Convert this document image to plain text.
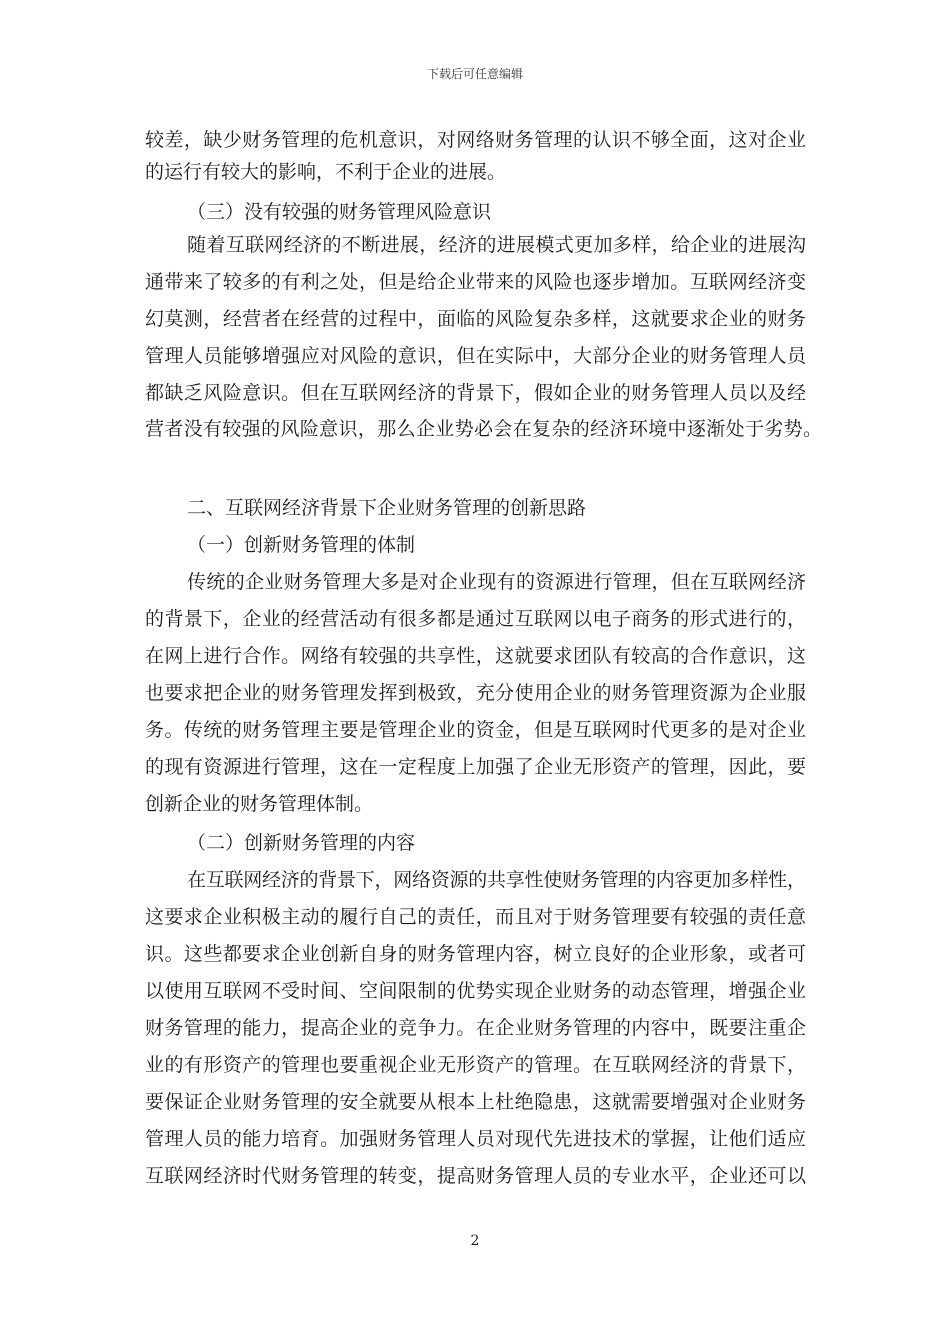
下载后可任意编辑
较差，缺少财务管理的危机意识，对网络财务管理的认识不够全面，这对企业
的运行有较大的影响，不利于企业的进展。
（三）没有较强的财务管理风险意识
随着互联网经济的不断进展，经济的进展模式更加多样，给企业的进展沟
通带来了较多的有利之处，但是给企业带来的风险也逐步增加。互联网经济变
幻莫测，经营者在经营的过程中，面临的风险复杂多样，这就要求企业的财务
管理人员能够增强应对风险的意识，但在实际中，大部分企业的财务管理人员
都缺乏风险意识。但在互联网经济的背景下，假如企业的财务管理人员以及经
营者没有较强的风险意识，那么企业势必会在复杂的经济环境中逐渐处于劣势。
二、互联网经济背景下企业财务管理的创新思路
（一）创新财务管理的体制
传统的企业财务管理大多是对企业现有的资源进行管理，但在互联网经济
的背景下，企业的经营活动有很多都是通过互联网以电子商务的形式进行的，
在网上进行合作。网络有较强的共享性，这就要求团队有较高的合作意识，这
也要求把企业的财务管理发挥到极致，充分使用企业的财务管理资源为企业服
务。传统的财务管理主要是管理企业的资金，但是互联网时代更多的是对企业
的现有资源进行管理，这在一定程度上加强了企业无形资产的管理，因此，要
创新企业的财务管理体制。
（二）创新财务管理的内容
在互联网经济的背景下，网络资源的共享性使财务管理的内容更加多样性，
这要求企业积极主动的履行自己的责任，而且对于财务管理要有较强的责任意
识。这些都要求企业创新自身的财务管理内容，树立良好的企业形象，或者可
以使用互联网不受时间、空间限制的优势实现企业财务的动态管理，增强企业
财务管理的能力，提高企业的竞争力。在企业财务管理的内容中，既要注重企
业的有形资产的管理也要重视企业无形资产的管理。在互联网经济的背景下，
要保证企业财务管理的安全就要从根本上杜绝隐患，这就需要增强对企业财务
管理人员的能力培育。加强财务管理人员对现代先进技术的掌握，让他们适应
互联网经济时代财务管理的转变，提高财务管理人员的专业水平，企业还可以
2
